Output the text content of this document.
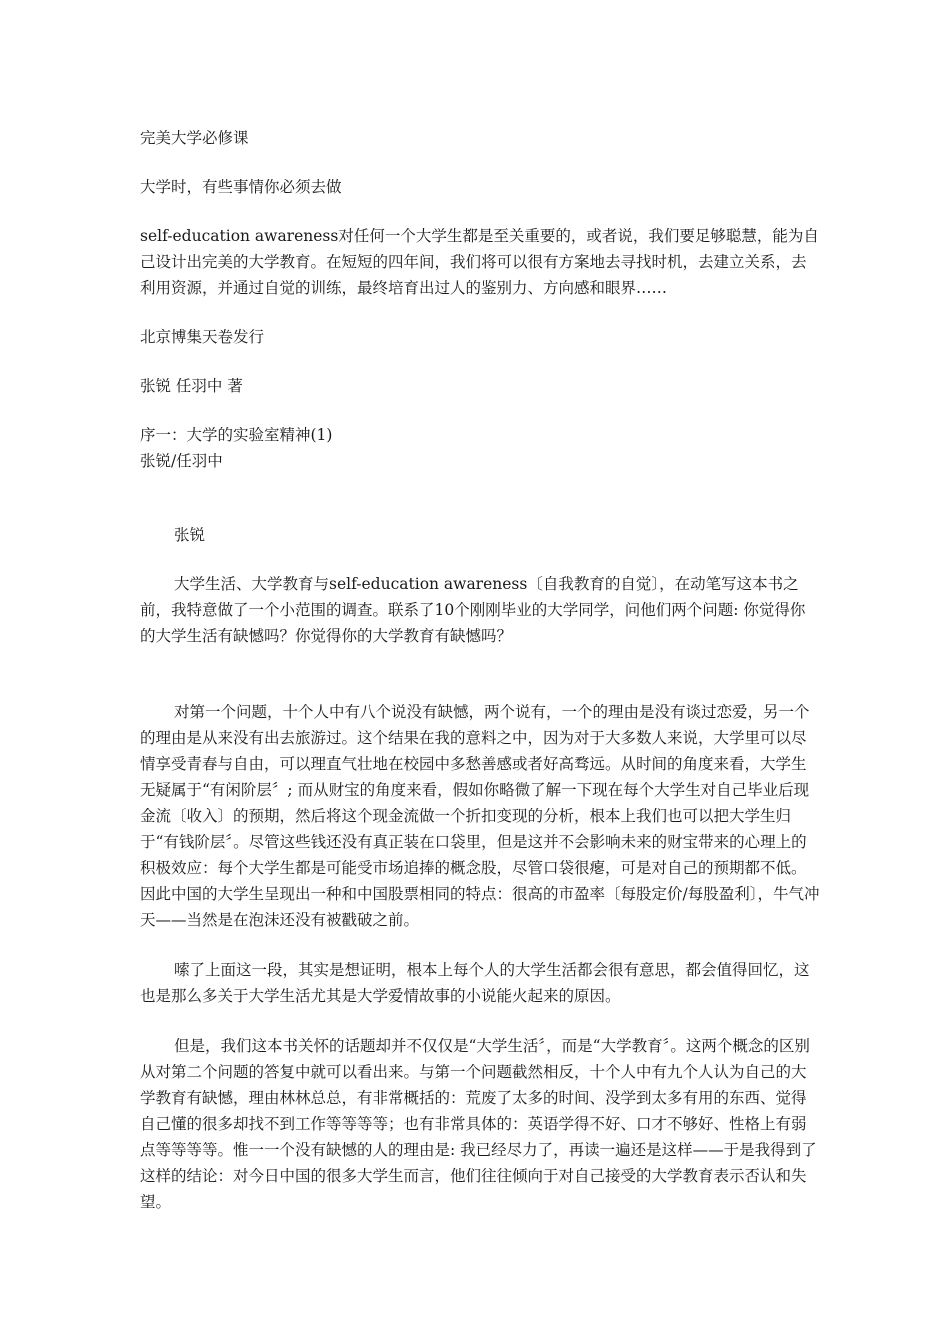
完美大学必修课

大学时，有些事情你必须去做

self-education awareness对任何一个大学生都是至关重要的，或者说，我们要足够聪慧，能为自己设计出完美的大学教育。在短短的四年间，我们将可以很有方案地去寻找时机，去建立关系，去利用资源，并通过自觉的训练，最终培育出过人的鉴别力、方向感和眼界……

北京博集天卷发行

张锐 任羽中 著

序一：大学的实验室精神(1)

张锐/任羽中

张锐

大学生活、大学教育与self-education awareness〔自我教育的自觉〕，在动笔写这本书之前，我特意做了一个小范围的调查。联系了10个刚刚毕业的大学同学，问他们两个问题: 你觉得你的大学生活有缺憾吗？你觉得你的大学教育有缺憾吗？

对第一个问题，十个人中有八个说没有缺憾，两个说有，一个的理由是没有谈过恋爱，另一个的理由是从来没有出去旅游过。这个结果在我的意料之中，因为对于大多数人来说，大学里可以尽情享受青春与自由，可以理直气壮地在校园中多愁善感或者好高骛远。从时间的角度来看，大学生无疑属于“有闲阶层〞; 而从财宝的角度来看，假如你略微了解一下现在每个大学生对自己毕业后现金流〔收入〕的预期，然后将这个现金流做一个折扣变现的分析，根本上我们也可以把大学生归于“有钱阶层〞。尽管这些钱还没有真正装在口袋里，但是这并不会影响未来的财宝带来的心理上的积极效应：每个大学生都是可能受市场追捧的概念股，尽管口袋很瘪，可是对自己的预期都不低。因此中国的大学生呈现出一种和中国股票相同的特点：很高的市盈率〔每股定价/每股盈利〕，牛气冲天——当然是在泡沫还没有被戳破之前。

嗦了上面这一段，其实是想证明，根本上每个人的大学生活都会很有意思，都会值得回忆，这也是那么多关于大学生活尤其是大学爱情故事的小说能火起来的原因。

但是，我们这本书关怀的话题却并不仅仅是“大学生活〞，而是“大学教育〞。这两个概念的区别从对第二个问题的答复中就可以看出来。与第一个问题截然相反，十个人中有九个人认为自己的大学教育有缺憾，理由林林总总，有非常概括的：荒废了太多的时间、没学到太多有用的东西、觉得自己懂的很多却找不到工作等等等等；也有非常具体的：英语学得不好、口才不够好、性格上有弱点等等等等。惟一一个没有缺憾的人的理由是: 我已经尽力了，再读一遍还是这样——于是我得到了这样的结论：对今日中国的很多大学生而言，他们往往倾向于对自己接受的大学教育表示否认和失望。
